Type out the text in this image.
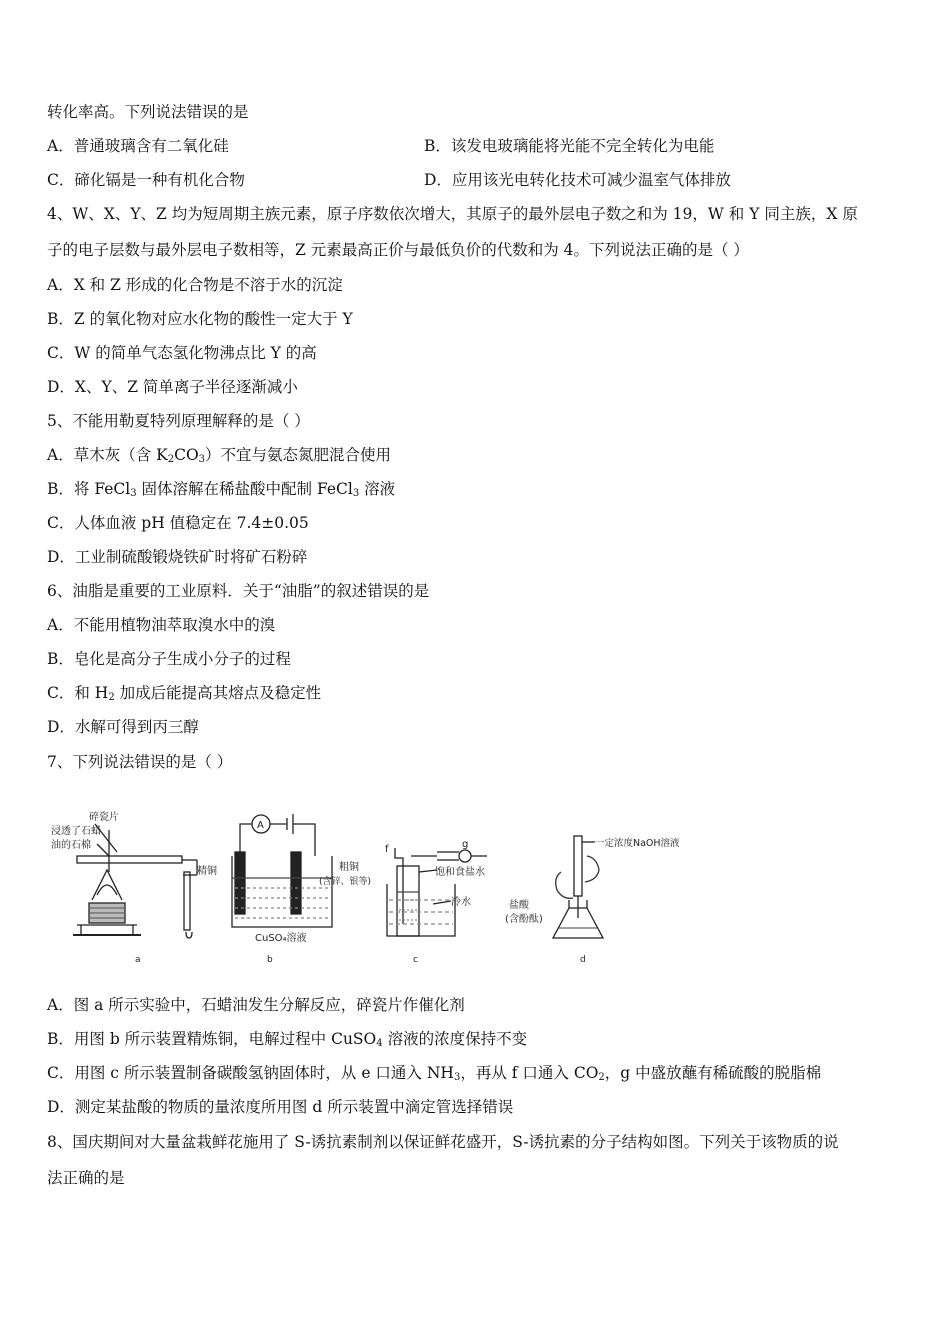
转化率高。下列说法错误的是
A．普通玻璃含有二氧化硅	B．该发电玻璃能将光能不完全转化为电能
C．碲化镉是一种有机化合物	D．应用该光电转化技术可减少温室气体排放
4、W、X、Y、Z 均为短周期主族元素，原子序数依次增大，其原子的最外层电子数之和为 19，W 和 Y 同主族，X 原
子的电子层数与最外层电子数相等，Z 元素最高正价与最低负价的代数和为 4。下列说法正确的是（ ）
A．X 和 Z 形成的化合物是不溶于水的沉淀
B．Z 的氧化物对应水化物的酸性一定大于 Y
C．W 的简单气态氢化物沸点比 Y 的高
D．X、Y、Z 简单离子半径逐渐减小
5、不能用勒夏特列原理解释的是（ ）
A．草木灰（含 $K_2CO_3$）不宜与氨态氮肥混合使用
B．将 FeCl$_3$ 固体溶解在稀盐酸中配制 FeCl$_3$ 溶液
C．人体血液 pH 值稳定在 7.4±0.05
D．工业制硫酸锻烧铁矿时将矿石粉碎
6、油脂是重要的工业原料．关于“油脂”的叙述错误的是
A．不能用植物油萃取溴水中的溴
B．皂化是高分子生成小分子的过程
C．和 $H_2$ 加成后能提高其熔点及稳定性
D．水解可得到丙三醇
7、下列说法错误的是（ ）
碎瓷片
浸透了石蜡
油的石棉
a
A
精铜	粗铜
(含锌、银等)
CuSO₄溶液
b
f	g
饱和食盐水
冷水
c
一定浓度NaOH溶液
盐酸
(含酚酞)
d
A．图 a 所示实验中，石蜡油发生分解反应，碎瓷片作催化剂
B．用图 b 所示装置精炼铜，电解过程中 CuSO$_4$ 溶液的浓度保持不变
C．用图 c 所示装置制备碳酸氢钠固体时，从 e 口通入 $NH_3$，再从 f 口通入 $CO_2$，g 中盛放蘸有稀硫酸的脱脂棉
D．测定某盐酸的物质的量浓度所用图 d 所示装置中滴定管选择错误
8、国庆期间对大量盆栽鲜花施用了 S-诱抗素制剂以保证鲜花盛开，S-诱抗素的分子结构如图。下列关于该物质的说
法正确的是
